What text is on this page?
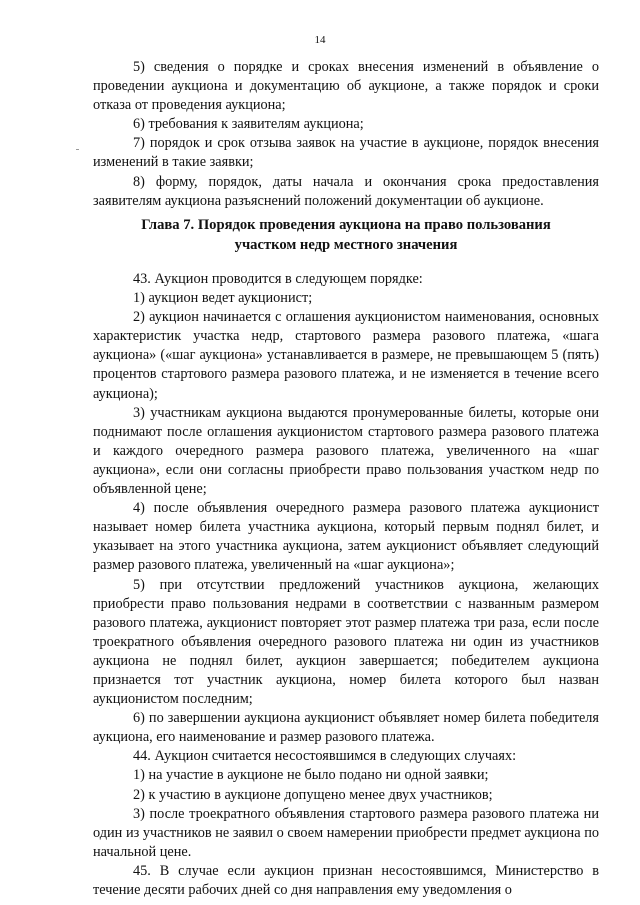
14

5) сведения о порядке и сроках внесения изменений в объявление о проведении аукциона и документацию об аукционе, а также порядок и сроки отказа от проведения аукциона;

6) требования к заявителям аукциона;

7) порядок и срок отзыва заявок на участие в аукционе, порядок внесения изменений в такие заявки;

8) форму, порядок, даты начала и окончания срока предоставления заявителям аукциона разъяснений положений документации об аукционе.

Глава 7. Порядок проведения аукциона на право пользования
участком недр местного значения

43. Аукцион проводится в следующем порядке:

1) аукцион ведет аукционист;

2) аукцион начинается с оглашения аукционистом наименования, основных характеристик участка недр, стартового размера разового платежа, «шага аукциона» («шаг аукциона» устанавливается в размере, не превышающем 5 (пять) процентов стартового размера разового платежа, и не изменяется в течение всего аукциона);

3) участникам аукциона выдаются пронумерованные билеты, которые они поднимают после оглашения аукционистом стартового размера разового платежа и каждого очередного размера разового платежа, увеличенного на «шаг аукциона», если они согласны приобрести право пользования участком недр по объявленной цене;

4) после объявления очередного размера разового платежа аукционист называет номер билета участника аукциона, который первым поднял билет, и указывает на этого участника аукциона, затем аукционист объявляет следующий размер разового платежа, увеличенный на «шаг аукциона»;

5) при отсутствии предложений участников аукциона, желающих приобрести право пользования недрами в соответствии с названным размером разового платежа, аукционист повторяет этот размер платежа три раза, если после троекратного объявления очередного разового платежа ни один из участников аукциона не поднял билет, аукцион завершается; победителем аукциона признается тот участник аукциона, номер билета которого был назван аукционистом последним;

6) по завершении аукциона аукционист объявляет номер билета победителя аукциона, его наименование и размер разового платежа.

44. Аукцион считается несостоявшимся в следующих случаях:

1) на участие в аукционе не было подано ни одной заявки;

2) к участию в аукционе допущено менее двух участников;

3) после троекратного объявления стартового размера разового платежа ни один из участников не заявил о своем намерении приобрести предмет аукциона по начальной цене.

45. В случае если аукцион признан несостоявшимся, Министерство в течение десяти рабочих дней со дня направления ему уведомления о
